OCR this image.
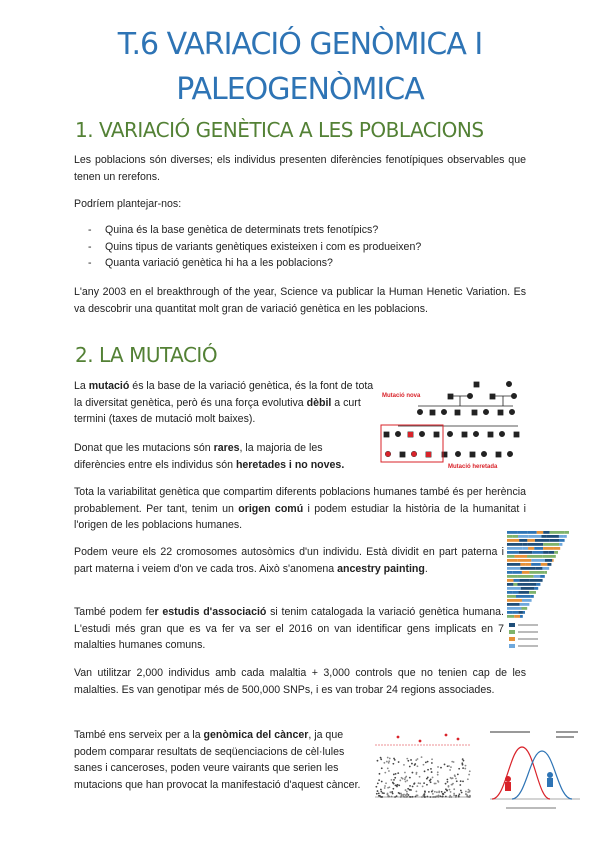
T.6 VARIACIÓ GENÒMICA I
PALEOGENÒMICA
1. VARIACIÓ GENÈTICA A LES POBLACIONS
Les poblacions són diverses; els individus presenten diferències fenotípiques observables que tenen un rerefons.
Podríem plantejar-nos:
- Quina és la base genètica de determinats trets fenotípics?
- Quins tipus de variants genètiques existeixen i com es produeixen?
- Quanta variació genètica hi ha a les poblacions?
L'any 2003 en el breakthrough of the year, Science va publicar la Human Henetic Variation. Es va descobrir una quantitat molt gran de variació genètica en les poblacions.
2. LA MUTACIÓ
La mutació és la base de la variació genètica, és la font de tota la diversitat genètica, però és una força evolutiva dèbil a curt termini (taxes de mutació molt baixes).
Donat que les mutacions són rares, la majoria de les diferències entre els individus són heretades i no noves.
Tota la variabilitat genètica que compartim diferents poblacions humanes també és per herència probablement. Per tant, tenim un origen comú i podem estudiar la història de la humanitat i l'origen de les poblacions humanes.
Podem veure els 22 cromosomes autosòmics d'un individu. Està dividit en part paterna i part materna i veiem d'on ve cada tros. Això s'anomena ancestry painting.
També podem fer estudis d'associació si tenim catalogada la variació genètica humana. L'estudi més gran que es va fer va ser el 2016 on van identificar gens implicats en 7 malalties humanes comuns.
Van utilitzar 2,000 individus amb cada malaltia + 3,000 controls que no tenien cap de les malalties. Es van genotipar més de 500,000 SNPs, i es van trobar 24 regions associades.
També ens serveix per a la genòmica del càncer, ja que podem comparar resultats de seqüenciacions de cèl·lules sanes i canceroses, poden veure vairants que serien les mutacions que han provocat la manifestació d'aquest càncer.
Mutació nova
Mutació heretada
